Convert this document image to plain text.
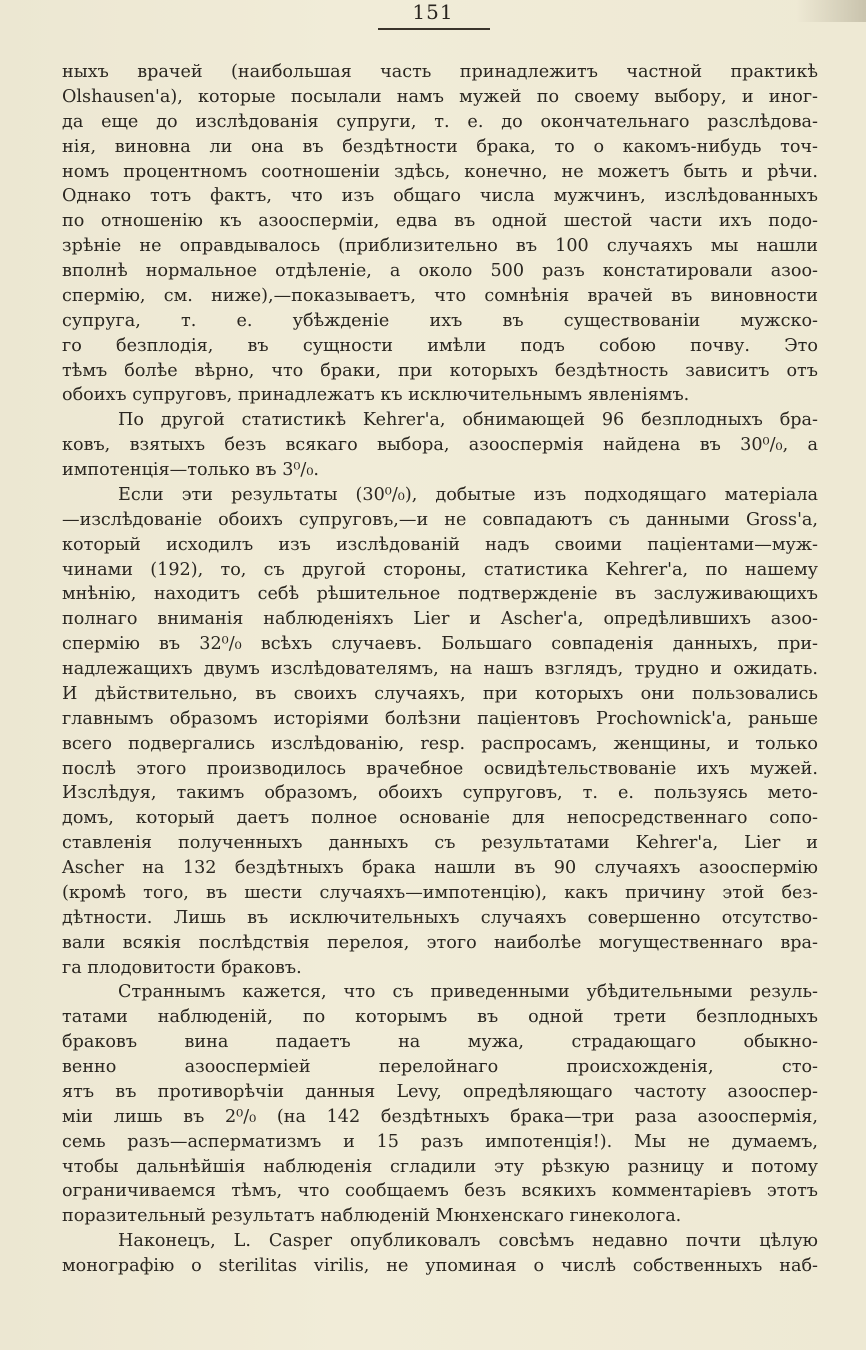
151
ныхъ врачей (наибольшая часть принадлежитъ частной практикѣ
Olshausen'а), которые посылали намъ мужей по своему выбору, и иног-
да еще до изслѣдованія супруги, т. е. до окончательнаго разслѣдова-
нія, виновна ли она въ бездѣтности брака, то о какомъ-нибудь точ-
номъ процентномъ соотношеніи здѣсь, конечно, не можетъ быть и рѣчи.
Однако тотъ фактъ, что изъ общаго числа мужчинъ, изслѣдованныхъ
по отношенію къ азооспермiи, едва въ одной шестой части ихъ подо-
зрѣніе не оправдывалось (приблизительно въ 100 случаяхъ мы нашли
вполнѣ нормальное отдѣленіе, а около 500 разъ констатировали азоо-
спермію, см. ниже),—показываетъ, что сомнѣнія врачей въ виновности
супруга, т. е. убѣжденіе ихъ въ существованіи мужско-
го безплодія, въ сущности имѣли подъ собою почву. Это
тѣмъ болѣе вѣрно, что браки, при которыхъ бездѣтность зависитъ отъ
обоихъ супруговъ, принадлежатъ къ исключительнымъ явленіямъ.
По другой статистикѣ Kehrer'а, обнимающей 96 безплодныхъ бра-
ковъ, взятыхъ безъ всякаго выбора, азооспермія найдена въ 30⁰/₀, а
импотенція—только въ 3⁰/₀.
Если эти результаты (30⁰/₀), добытые изъ подходящаго матеріала
—изслѣдованіе обоихъ супруговъ,—и не совпадаютъ съ данными Gross'а,
который исходилъ изъ изслѣдованій надъ своими пацiентами—муж-
чинами (192), то, съ другой стороны, статистика Kehrer'а, по нашему
мнѣнію, находитъ себѣ рѣшительное подтвержденіе въ заслуживающихъ
полнаго вниманія наблюденіяхъ Lier и Ascher'а, опредѣлившихъ азоо-
спермію въ 32⁰/₀ всѣхъ случаевъ. Большаго совпаденія данныхъ, при-
надлежащихъ двумъ изслѣдователямъ, на нашъ взглядъ, трудно и ожидать.
И дѣйствительно, въ своихъ случаяхъ, при которыхъ они пользовались
главнымъ образомъ исторіями болѣзни пацiентовъ Prochownick'а, раньше
всего подвергались изслѣдованію, resp. распросамъ, женщины, и только
послѣ этого производилось врачебное освидѣтельствованіе ихъ мужей.
Изслѣдуя, такимъ образомъ, обоихъ супруговъ, т. е. пользуясь мето-
домъ, который даетъ полное основаніе для непосредственнаго сопо-
ставленія полученныхъ данныхъ съ результатами Kehrer'а, Lier и
Ascher на 132 бездѣтныхъ брака нашли въ 90 случаяхъ азооспермію
(кромѣ того, въ шести случаяхъ—импотенцію), какъ причину этой без-
дѣтности. Лишь въ исключительныхъ случаяхъ совершенно отсутство-
вали всякія послѣдствія перелоя, этого наиболѣе могущественнаго вра-
га плодовитости браковъ.
Страннымъ кажется, что съ приведенными убѣдительными резуль-
татами наблюденій, по которымъ въ одной трети безплодныхъ
браковъ вина падаетъ на мужа, страдающаго обыкно-
венно азооспермiей перелойнаго происхожденія, сто-
ятъ въ противорѣчіи данныя Levy, опредѣляющаго частоту азооспер-
міи лишь въ 2⁰/₀ (на 142 бездѣтныхъ брака—три раза азооспермія,
семь разъ—аспермaтизмъ и 15 разъ импотенція!). Мы не думаемъ,
чтобы дальнѣйшія наблюденія сгладили эту рѣзкую разницу и потому
ограничиваемся тѣмъ, что сообщаемъ безъ всякихъ комментаріевъ этотъ
поразительный результатъ наблюденій Мюнхенскаго гинеколога.
Наконецъ, L. Casper опубликовалъ совсѣмъ недавно почти цѣлую
монографію о sterilitas virilis, не упоминая о числѣ собственныхъ наб-
